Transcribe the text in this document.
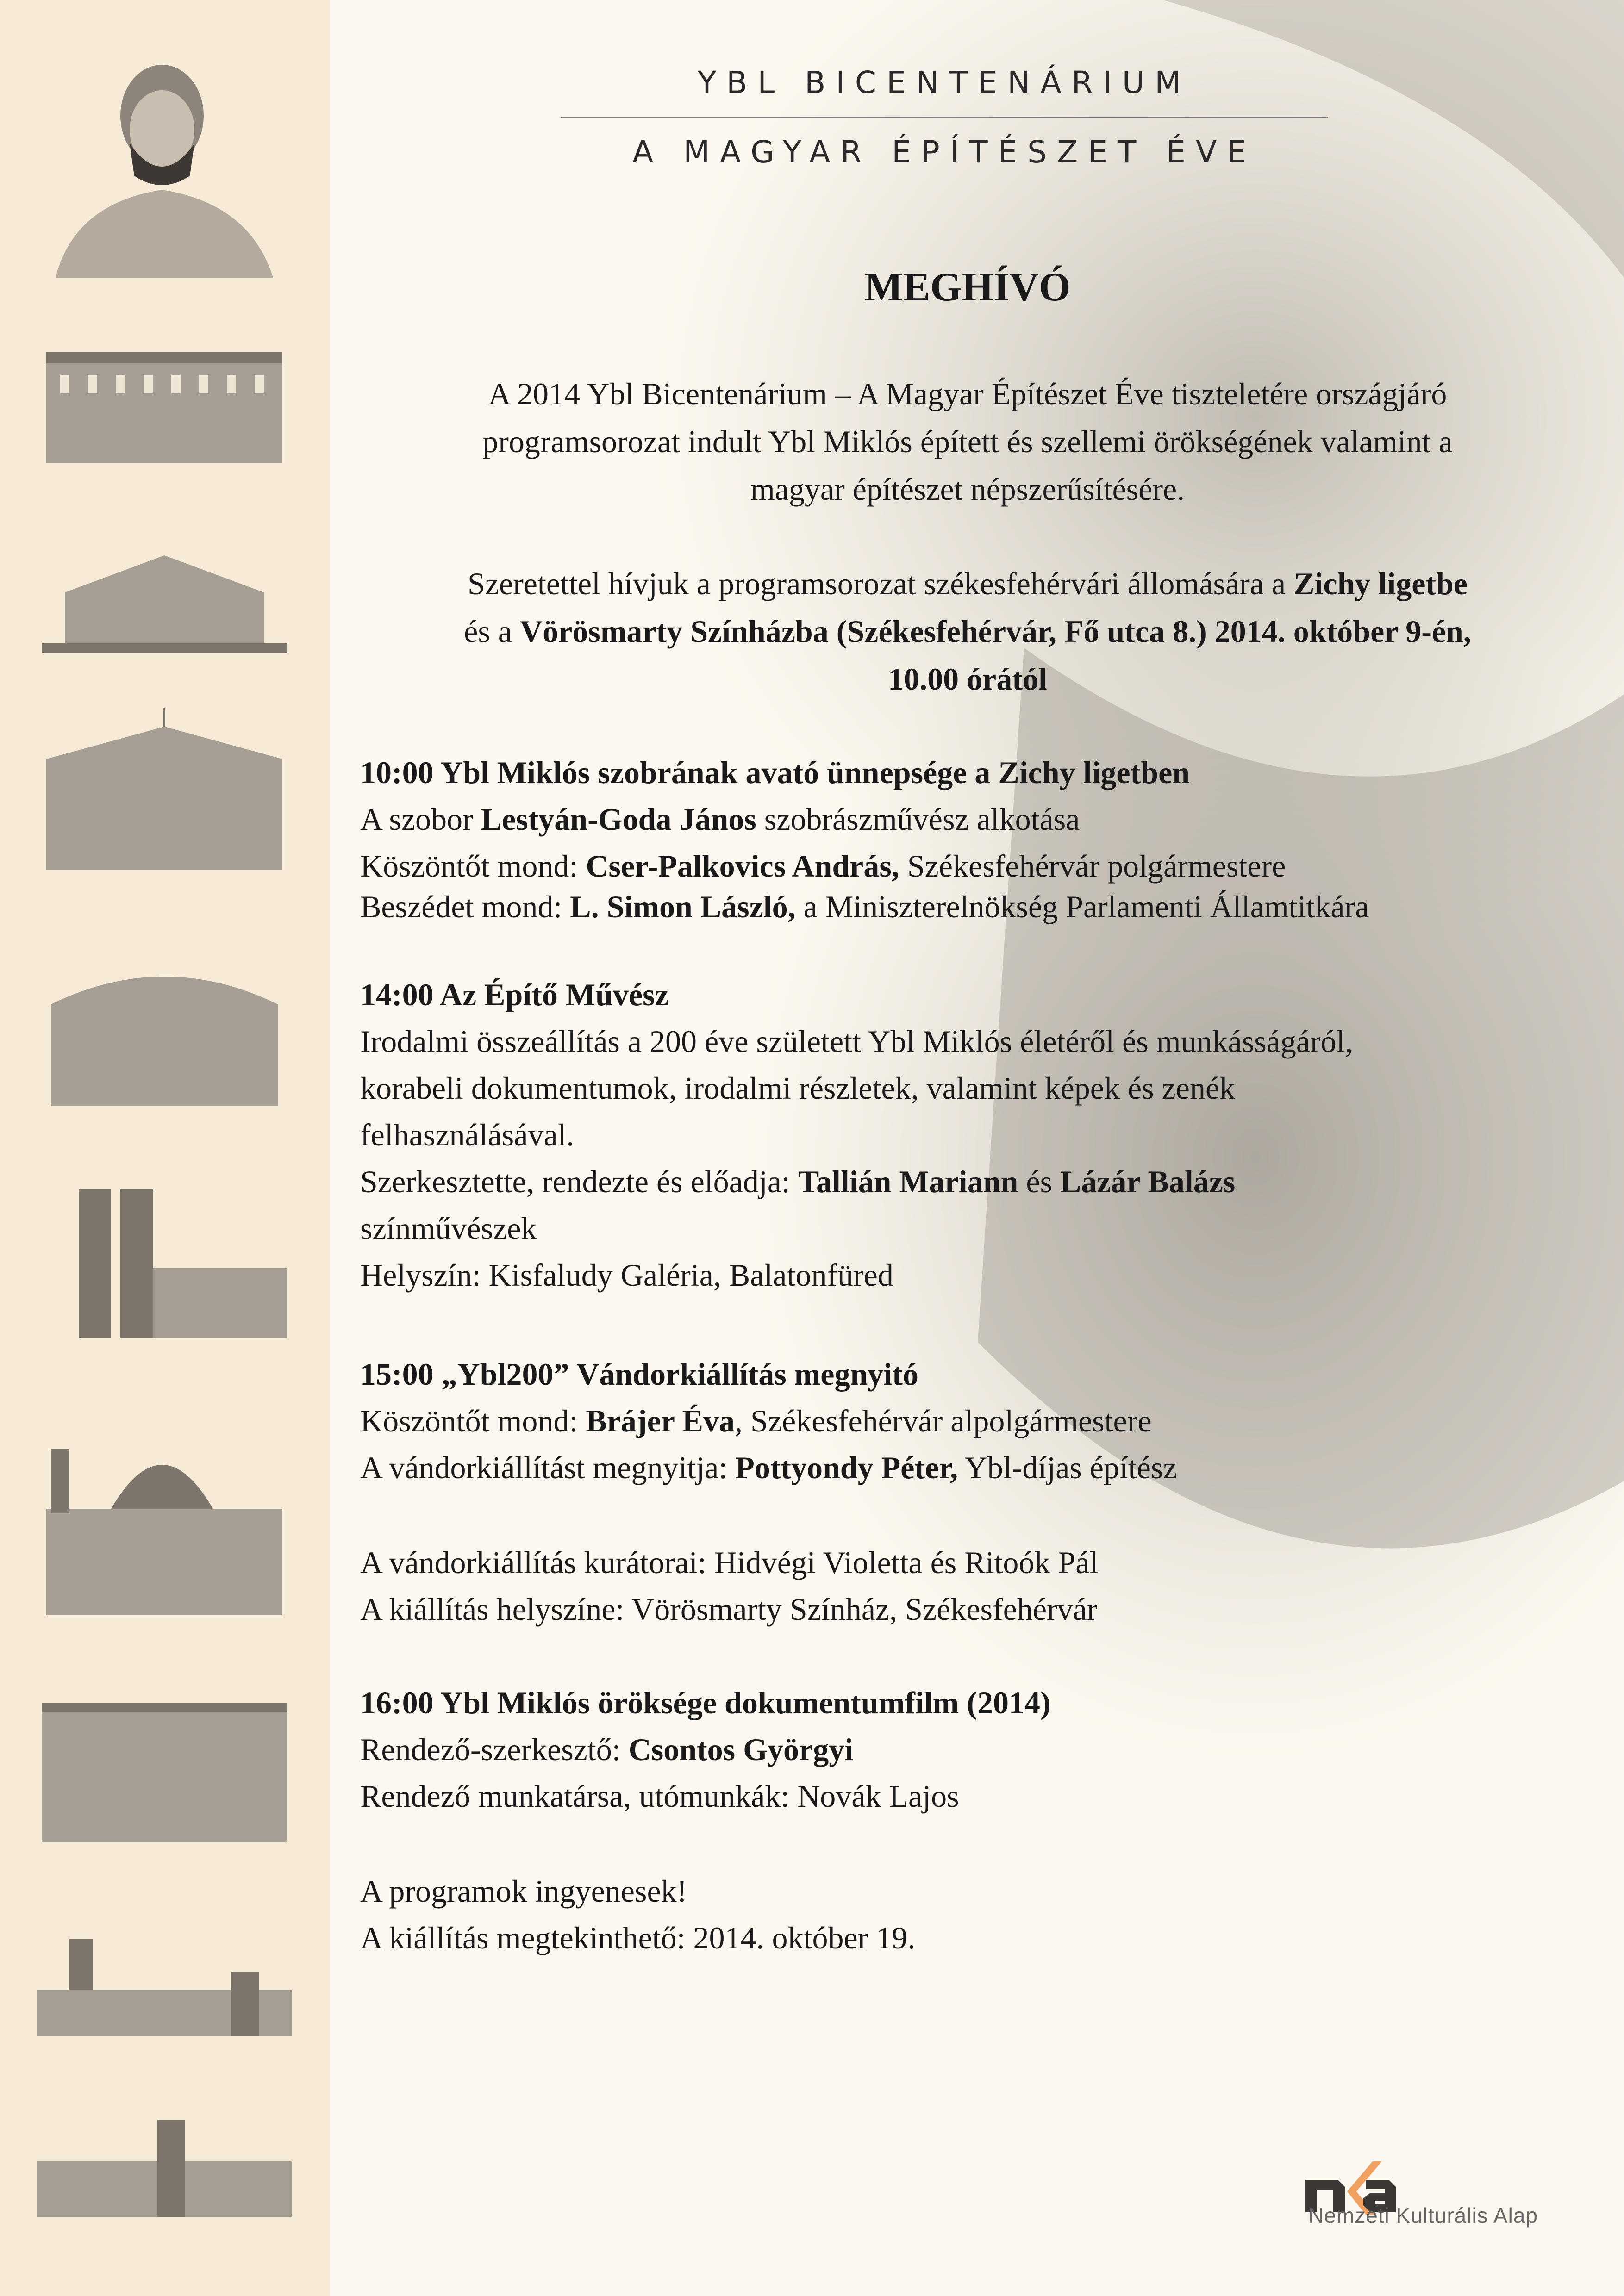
YBL BICENTENÁRIUM
A MAGYAR ÉPÍTÉSZET ÉVE
MEGHÍVÓ
A 2014 Ybl Bicentenárium – A Magyar Építészet Éve tiszteletére országjáró
programsorozat indult Ybl Miklós épített és szellemi örökségének valamint a
magyar építészet népszerűsítésére.
Szeretettel hívjuk a programsorozat székesfehérvári állomására a Zichy ligetbe
és a Vörösmarty Színházba (Székesfehérvár, Fő utca 8.) 2014. október 9-én,
10.00 órától
10:00 Ybl Miklós szobrának avató ünnepsége a Zichy ligetben
A szobor Lestyán-Goda János szobrászművész alkotása
Köszöntőt mond: Cser-Palkovics András, Székesfehérvár polgármestere
Beszédet mond: L. Simon László, a Miniszterelnökség Parlamenti Államtitkára
14:00 Az Építő Művész
Irodalmi összeállítás a 200 éve született Ybl Miklós életéről és munkásságáról,
korabeli dokumentumok, irodalmi részletek, valamint képek és zenék
felhasználásával.
Szerkesztette, rendezte és előadja: Tallián Mariann és Lázár Balázs
színművészek
Helyszín: Kisfaludy Galéria, Balatonfüred
15:00 „Ybl200” Vándorkiállítás megnyitó
Köszöntőt mond: Brájer Éva, Székesfehérvár alpolgármestere
A vándorkiállítást megnyitja: Pottyondy Péter, Ybl-díjas építész
A vándorkiállítás kurátorai: Hidvégi Violetta és Ritoók Pál
A kiállítás helyszíne: Vörösmarty Színház, Székesfehérvár
16:00 Ybl Miklós öröksége dokumentumfilm (2014)
Rendező-szerkesztő: Csontos Györgyi
Rendező munkatársa, utómunkák: Novák Lajos
A programok ingyenesek!
A kiállítás megtekinthető: 2014. október 19.
Nemzeti Kulturális Alap
